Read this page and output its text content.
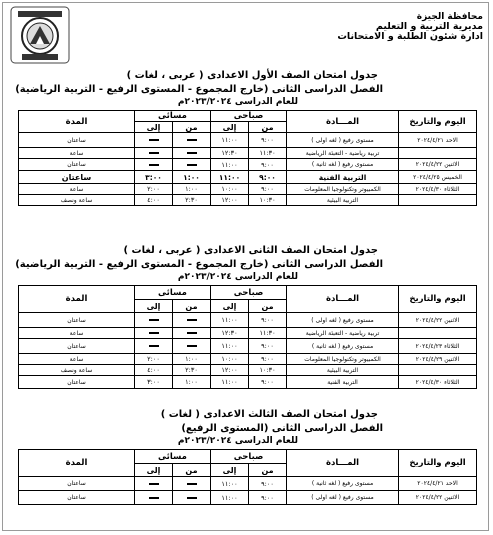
محافظة الجيزة
مديرية التربية و التعليم
ادارة شئون الطلبة و الامتحانات
جدول امتحان الصف الأول الاعدادى ( عربى ، لغات )
الفصل الدراسى الثانى (خارج المجموع - المستوى الرفيع - التربية الرياضية)
للعام الدراسى ٢٠٢٣/٢٠٢٤م
اليوم والتاريخ	المـــادة	صباحى		مسائى		المدة
		من	إلى	من	إلى	
الاحد ٢٠٢٤/٤/٢١	مستوى رفيع ( لغه اولى )	٩:٠٠	١١:٠٠			ساعتان
	تربية رياضية - التعبئة الرياضية	١١:٣٠	١٢:٣٠			ساعة
الاثنين ٢٠٢٤/٤/٢٢	مستوى رفيع ( لغه ثانية )	٩:٠٠	١١:٠٠			ساعتان
الخميس ٢٠٢٤/٤/٢٥	التربية الفنية	٩:٠٠	١١:٠٠	١:٠٠	٣:٠٠	ساعتان
الثلاثاء ٢٠٢٤/٤/٣٠	الكمبيوتر وتكنولوجيا المعلومات	٩:٠٠	١٠:٠٠	١:٠٠	٢:٠٠	ساعة
	التربية البيئية	١٠:٣٠	١٢:٠٠	٢:٣٠	٤:٠٠	ساعة ونصف
جدول امتحان الصف الثانى الاعدادى ( عربى ، لغات )
الفصل الدراسى الثانى (خارج المجموع - المستوى الرفيع - التربية الرياضية)
للعام الدراسى ٢٠٢٣/٢٠٢٤م
اليوم والتاريخ	المـــادة	صباحى		مسائى		المدة
		من	إلى	من	إلى	
الاثنين ٢٠٢٤/٤/٢٢	مستوى رفيع ( لغه اولى )	٩:٠٠	١١:٠٠			ساعتان
	تربية رياضية - التعبئة الرياضية	١١:٣٠	١٢:٣٠			ساعة
الثلاثاء ٢٠٢٤/٤/٢٣	مستوى رفيع ( لغه ثانية )	٩:٠٠	١١:٠٠			ساعتان
الاثنين ٢٠٢٤/٤/٢٩	الكمبيوتر وتكنولوجيا المعلومات	٩:٠٠	١٠:٠٠	١:٠٠	٢:٠٠	ساعة
	التربية البيئية	١٠:٣٠	١٢:٠٠	٢:٣٠	٤:٠٠	ساعة ونصف
الثلاثاء ٢٠٢٤/٤/٣٠	التربية الفنية	٩:٠٠	١١:٠٠	١:٠٠	٣:٠٠	ساعتان
جدول امتحان الصف الثالث الاعدادى ( لغات )
الفصل الدراسى الثانى (المستوى الرفيع)
للعام الدراسى ٢٠٢٣/٢٠٢٤م
اليوم والتاريخ	المـــادة	صباحى		مسائى		المدة
		من	إلى	من	إلى	
الاحد ٢٠٢٤/٤/٢١	مستوى رفيع ( لغه ثانية )	٩:٠٠	١١:٠٠			ساعتان
الاثنين ٢٠٢٤/٤/٢٢	مستوى رفيع ( لغه اولى )	٩:٠٠	١١:٠٠			ساعتان
